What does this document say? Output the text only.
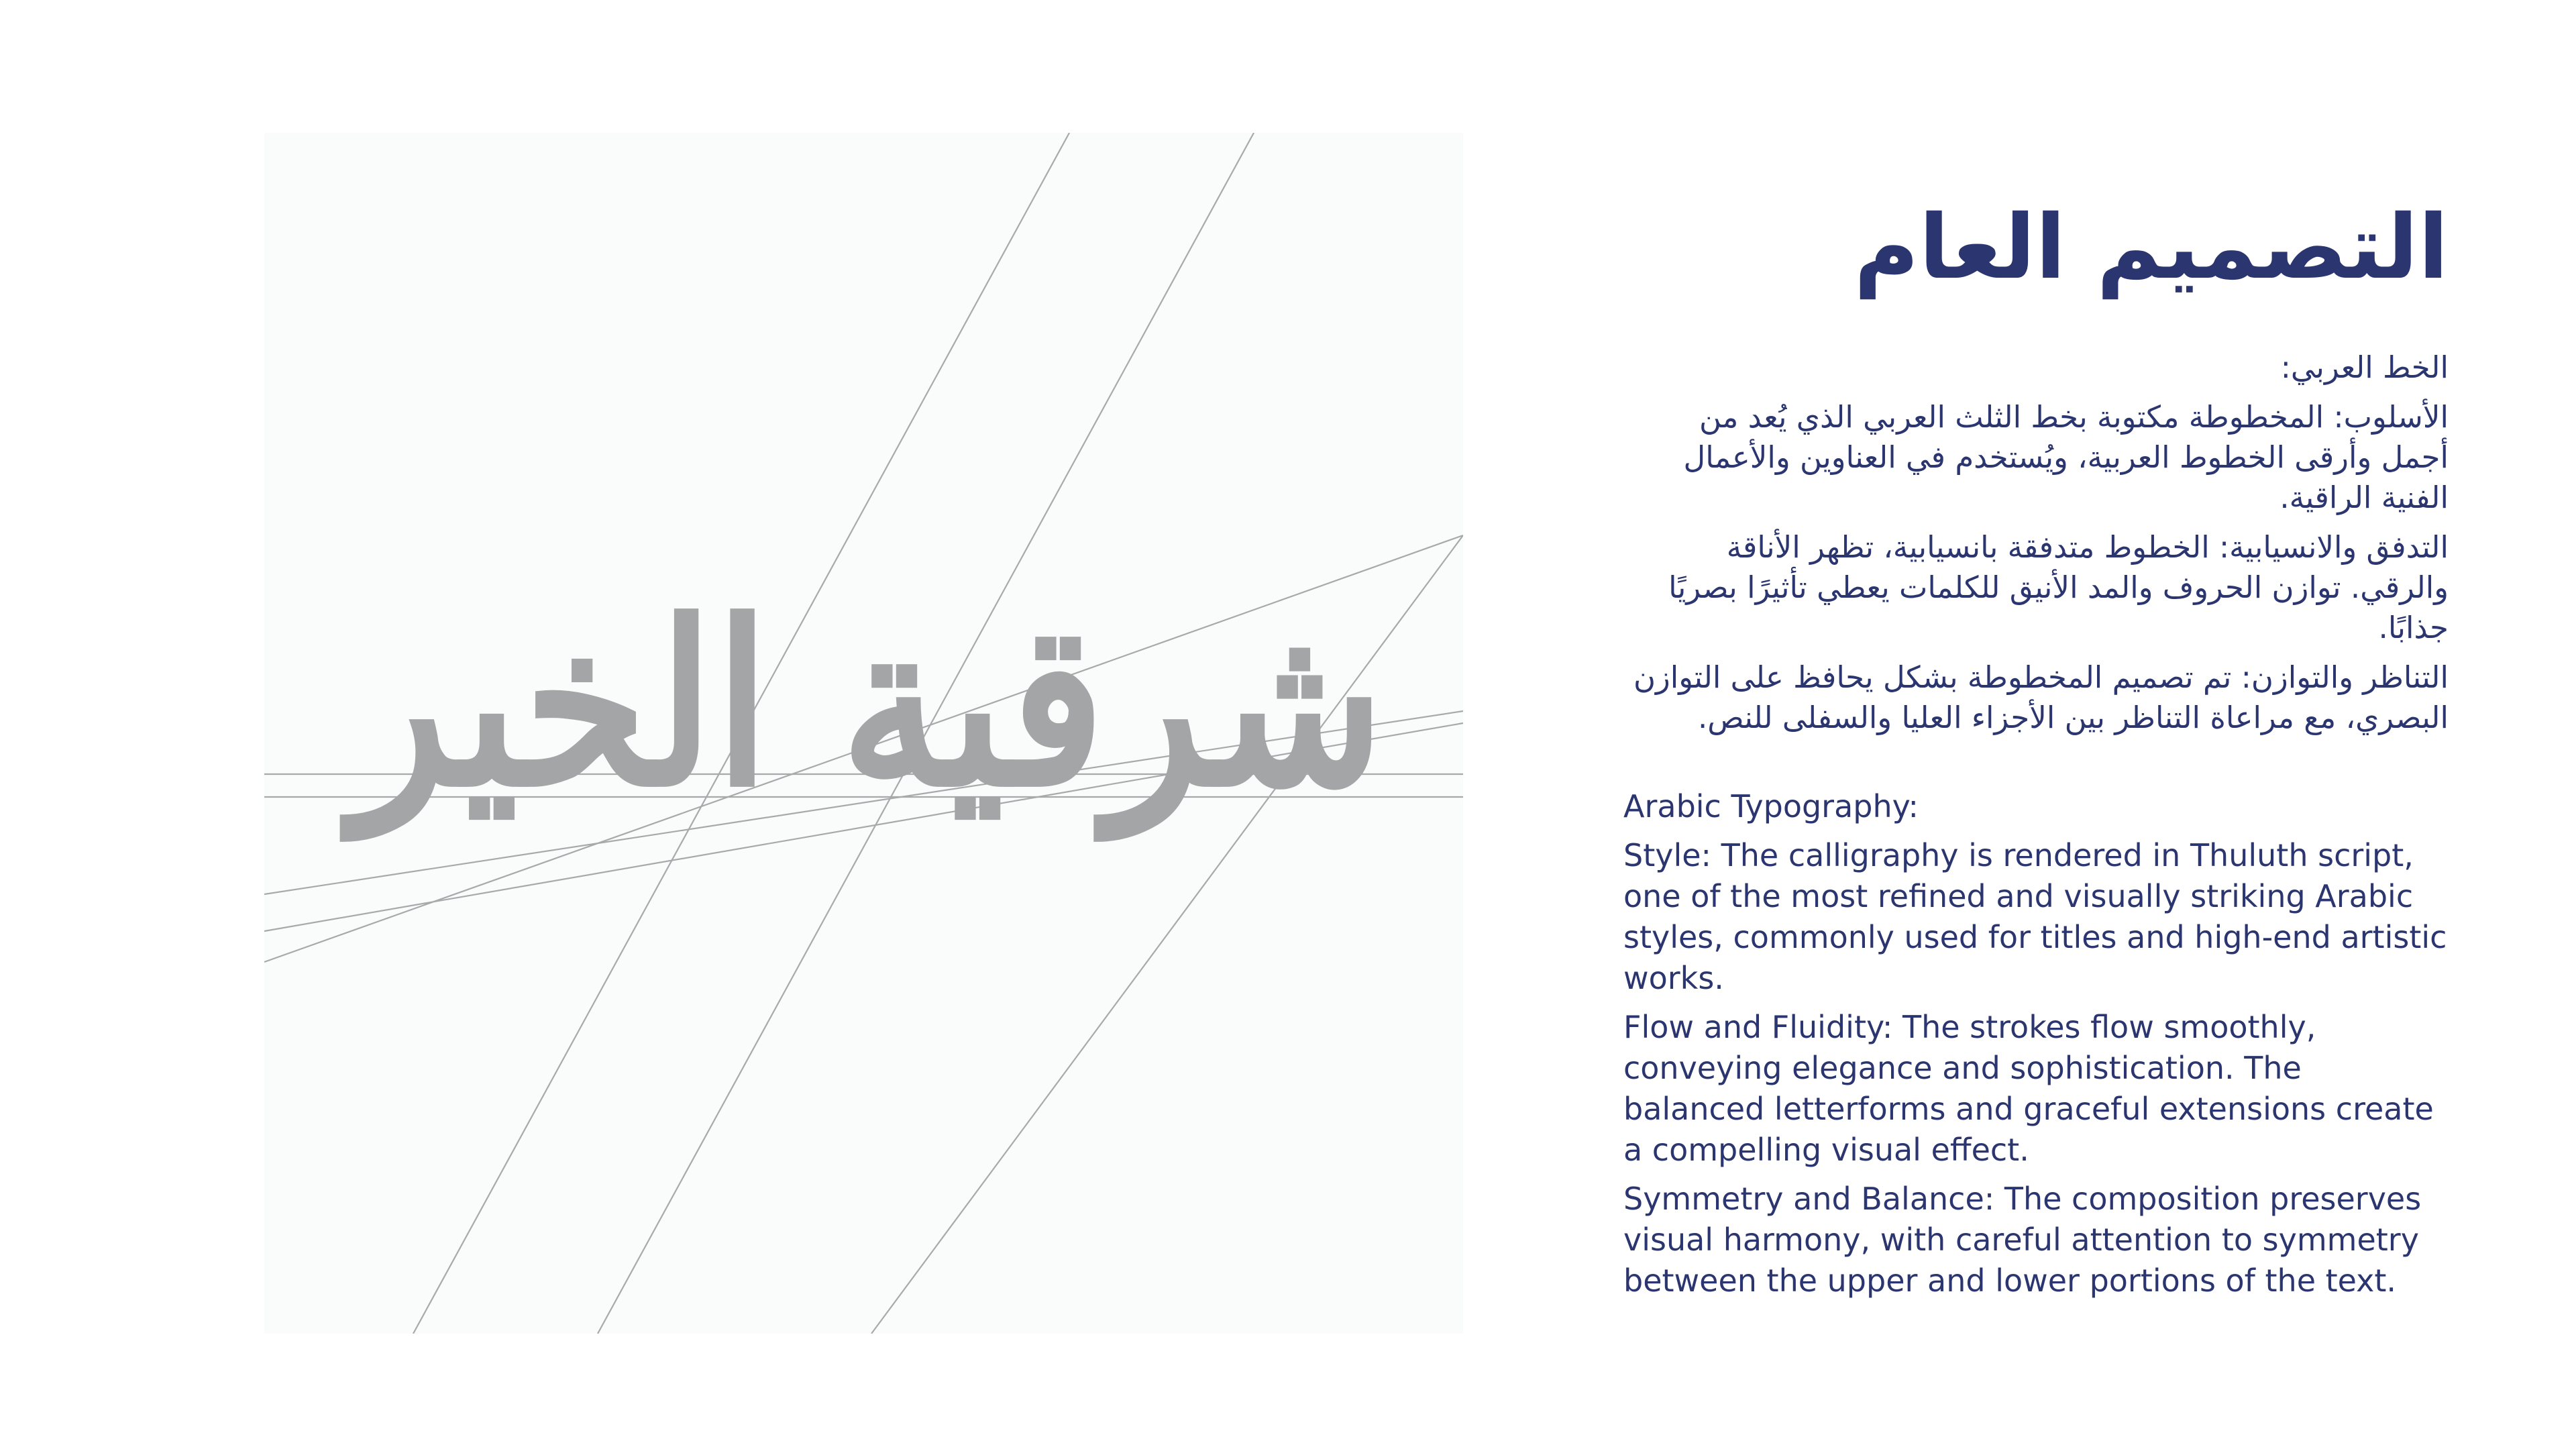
شرقية الخير
التصميم العام

الخط العربي:

الأسلوب: المخطوطة مكتوبة بخط الثلث العربي الذي يُعد من أجمل وأرقى الخطوط العربية، ويُستخدم في العناوين والأعمال الفنية الراقية.

التدفق والانسيابية: الخطوط متدفقة بانسيابية، تظهر الأناقة والرقي. توازن الحروف والمد الأنيق للكلمات يعطي تأثيرًا بصريًا جذابًا.

التناظر والتوازن: تم تصميم المخطوطة بشكل يحافظ على التوازن البصري، مع مراعاة التناظر بين الأجزاء العليا والسفلى للنص.

Arabic Typography:

Style: The calligraphy is rendered in Thuluth script, one of the most refined and visually striking Arabic styles, commonly used for titles and high-end artistic works.

Flow and Fluidity: The strokes flow smoothly, conveying elegance and sophistication. The balanced letterforms and graceful extensions create a compelling visual effect.

Symmetry and Balance: The composition preserves visual harmony, with careful attention to symmetry between the upper and lower portions of the text.
